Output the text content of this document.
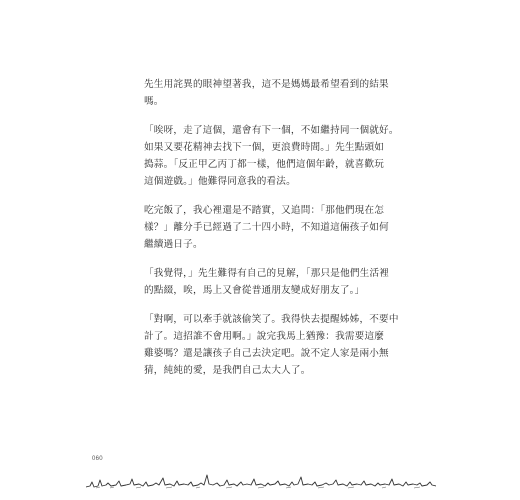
先生用詫異的眼神望著我，這不是媽媽最希望看到的結果
嗎。

「唉呀，走了這個，還會有下一個，不如繼持同一個就好。
如果又要花精神去找下一個，更浪費時間。」先生點頭如
搗蒜。「反正甲乙丙丁都一樣，他們這個年齡，就喜歡玩
這個遊戲。」他難得同意我的看法。

吃完飯了，我心裡還是不踏實，又追問：「那他們現在怎
樣？」離分手已經過了二十四小時，不知道這倆孩子如何
繼續過日子。

「我覺得，」先生難得有自己的見解，「那只是他們生活裡
的點綴，唉，馬上又會從普通朋友變成好朋友了。」

「對啊，可以牽手就該偷笑了。我得快去提醒姊姊，不要中
計了。這招誰不會用啊。」說完我馬上猶豫：我需要這麼
雞婆嗎？還是讓孩子自己去決定吧。說不定人家是兩小無
猜，純純的愛，是我們自己太大人了。

060
